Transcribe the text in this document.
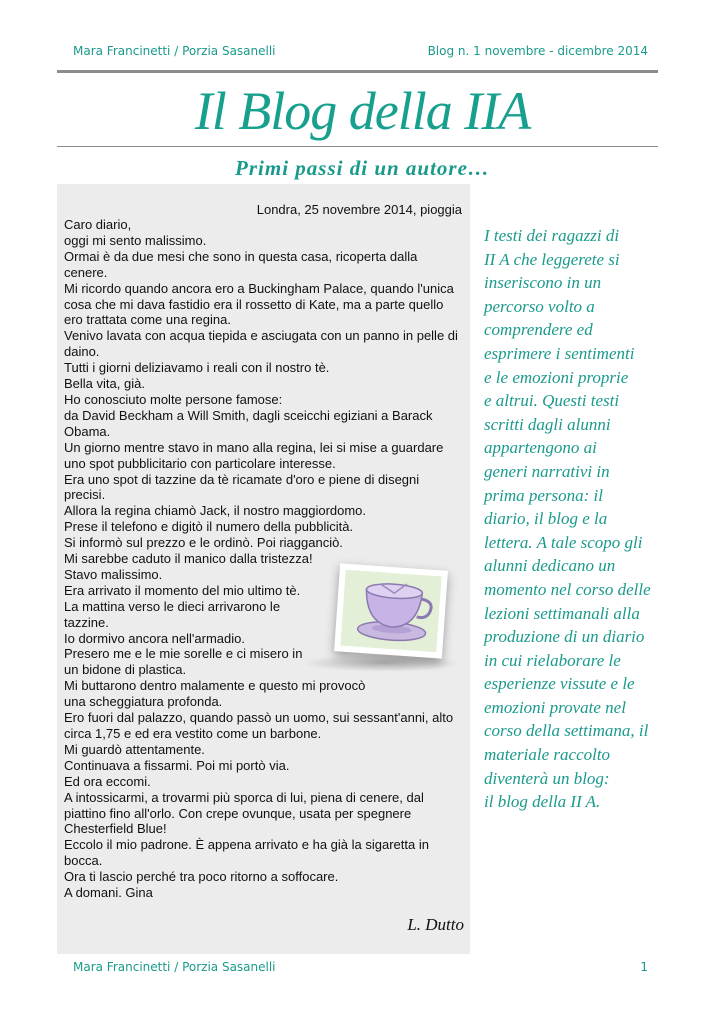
Mara Francinetti / Porzia Sasanelli	Blog n. 1 novembre - dicembre 2014
Il Blog della IIA
Primi passi di un autore…
Londra, 25 novembre 2014, pioggia
Caro diario,
oggi mi sento malissimo.
Ormai è da due mesi che sono in questa casa, ricoperta dalla cenere.
Mi ricordo quando ancora ero a Buckingham Palace, quando l'unica cosa che mi dava fastidio era il rossetto di Kate, ma a parte quello ero trattata come una regina.
Venivo lavata con acqua tiepida e asciugata con un panno in pelle di daino.
Tutti i giorni deliziavamo i reali con il nostro tè.
Bella vita, già.
Ho conosciuto molte persone famose:
da David Beckham a Will Smith, dagli sceicchi egiziani a Barack Obama.
Un giorno mentre stavo in mano alla regina, lei si mise a guardare uno spot pubblicitario con particolare interesse.
Era uno spot di tazzine da tè ricamate d'oro e piene di disegni precisi.
Allora la regina chiamò Jack, il nostro maggiordomo.
Prese il telefono e digitò il numero della pubblicità.
Si informò sul prezzo e le ordinò. Poi riagganciò.
Mi sarebbe caduto il manico dalla tristezza!
Stavo malissimo.
Era arrivato il momento del mio ultimo tè.
La mattina verso le dieci arrivarono le
tazzine.
Io dormivo ancora nell'armadio.
Presero me e le mie sorelle e ci misero in
un bidone di plastica.
Mi buttarono dentro malamente e questo mi provocò
una scheggiatura profonda.
Ero fuori dal palazzo, quando passò un uomo, sui sessant'anni, alto circa 1,75 e ed era vestito come un barbone.
Mi guardò attentamente.
Continuava a fissarmi. Poi mi portò via.
Ed ora eccomi.
A intossicarmi, a trovarmi più sporca di lui, piena di cenere, dal piattino fino all'orlo. Con crepe ovunque, usata per spegnere Chesterfield Blue!
Eccolo il mio padrone. È appena arrivato e ha già la sigaretta in bocca.
Ora ti lascio perché tra poco ritorno a soffocare.
A domani. Gina
L. Dutto
I testi dei ragazzi di
II A che leggerete si
inseriscono in un
percorso volto a
comprendere ed
esprimere i sentimenti
e le emozioni proprie
e altrui. Questi testi
scritti dagli alunni
appartengono ai
generi narrativi in
prima persona: il
diario, il blog e la
lettera. A tale scopo gli
alunni dedicano un
momento nel corso delle
lezioni settimanali alla
produzione di un diario
in cui rielaborare le
esperienze vissute e le
emozioni provate nel
corso della settimana, il
materiale raccolto
diventerà un blog:
il blog della II A.
Mara Francinetti / Porzia Sasanelli	1
